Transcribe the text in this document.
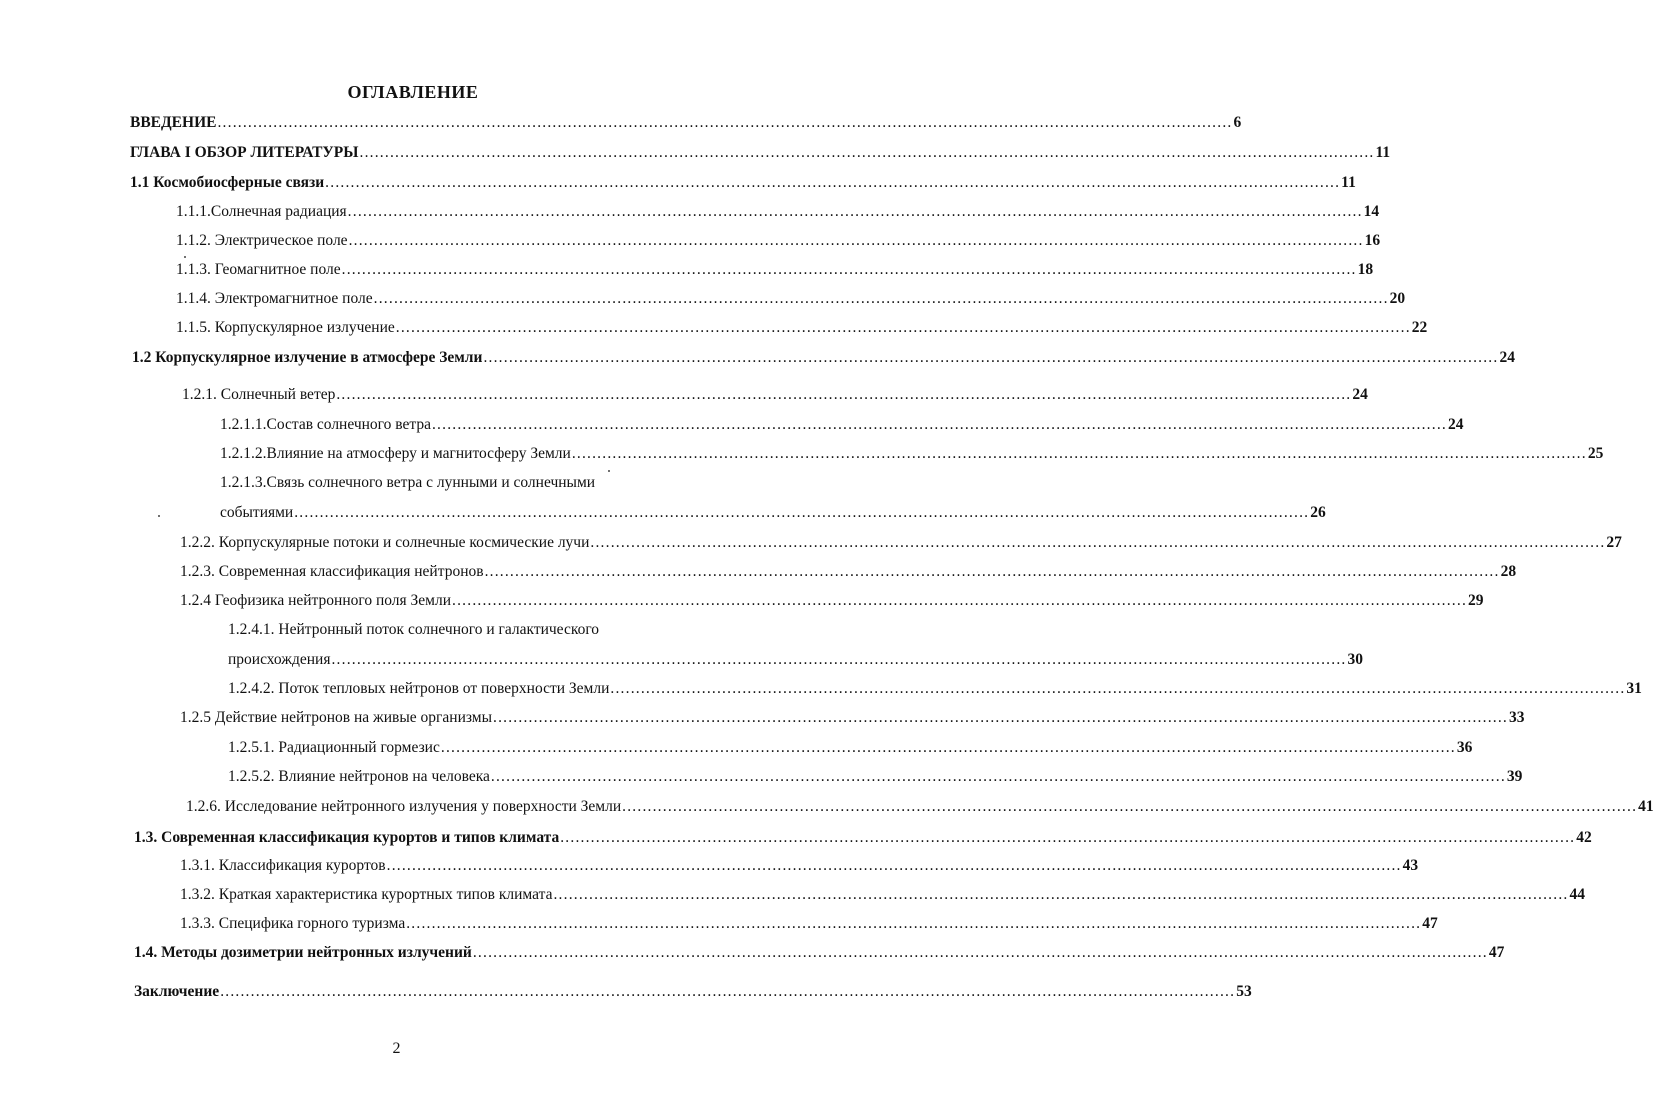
ОГЛАВЛЕНИЕ
ВВЕДЕНИЕ ........................................................................................................................................................................................................ 6
ГЛАВА I ОБЗОР ЛИТЕРАТУРЫ ........................................................................................................................................................................................................ 11
1.1 Космобиосферные связи ........................................................................................................................................................................................................ 11
1.1.1.Солнечная радиация ........................................................................................................................................................................................................ 14
1.1.2. Электрическое поле ........................................................................................................................................................................................................ 16
1.1.3. Геомагнитное поле ........................................................................................................................................................................................................ 18
1.1.4. Электромагнитное поле ........................................................................................................................................................................................................ 20
1.1.5. Корпускулярное излучение ........................................................................................................................................................................................................ 22
1.2 Корпускулярное излучение в атмосфере Земли ........................................................................................................................................................................................................ 24
1.2.1. Солнечный ветер ........................................................................................................................................................................................................ 24
1.2.1.1.Состав солнечного ветра ........................................................................................................................................................................................................ 24
1.2.1.2.Влияние на атмосферу и магнитосферу Земли ........................................................................................................................................................................................................ 25
1.2.1.3.Связь солнечного ветра с лунными и солнечными
событиями ........................................................................................................................................................................................................ 26
1.2.2. Корпускулярные потоки и солнечные космические лучи ........................................................................................................................................................................................................ 27
1.2.3. Современная классификация нейтронов ........................................................................................................................................................................................................ 28
1.2.4 Геофизика нейтронного поля Земли ........................................................................................................................................................................................................ 29
1.2.4.1. Нейтронный поток солнечного и галактического
происхождения ........................................................................................................................................................................................................ 30
1.2.4.2. Поток тепловых нейтронов от поверхности Земли ........................................................................................................................................................................................................ 31
1.2.5 Действие нейтронов на живые организмы ........................................................................................................................................................................................................ 33
1.2.5.1. Радиационный гормезис ........................................................................................................................................................................................................ 36
1.2.5.2. Влияние нейтронов на человека ........................................................................................................................................................................................................ 39
1.2.6. Исследование нейтронного излучения у поверхности Земли ........................................................................................................................................................................................................ 41
1.3. Современная классификация курортов и типов климата ........................................................................................................................................................................................................ 42
1.3.1. Классификация курортов ........................................................................................................................................................................................................ 43
1.3.2. Краткая характеристика курортных типов климата ........................................................................................................................................................................................................ 44
1.3.3. Специфика горного туризма ........................................................................................................................................................................................................ 47
1.4. Методы дозиметрии нейтронных излучений ........................................................................................................................................................................................................ 47
Заключение ........................................................................................................................................................................................................ 53
2
